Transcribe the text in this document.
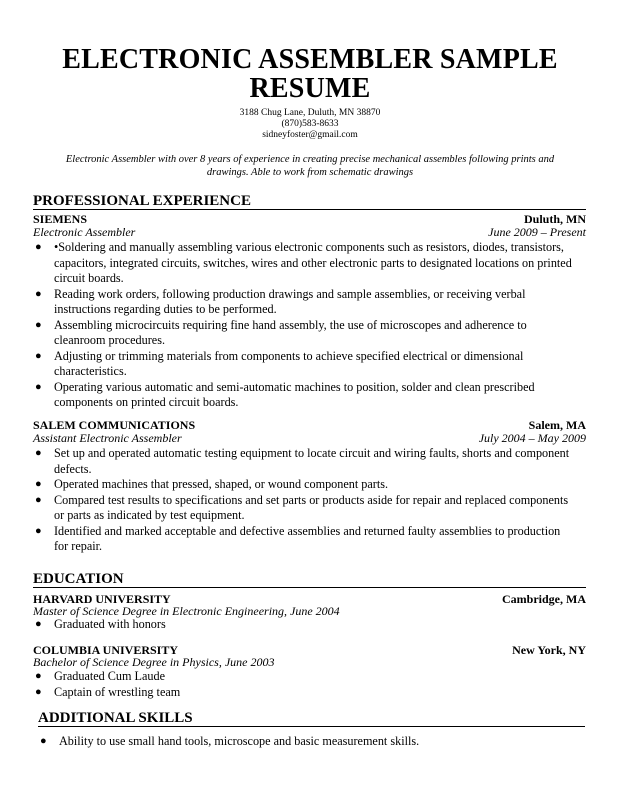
ELECTRONIC ASSEMBLER SAMPLE
RESUME
3188 Chug Lane, Duluth, MN 38870
(870)583-8633
sidneyfoster@gmail.com
Electronic Assembler with over 8 years of experience in creating precise mechanical assembles following prints and drawings. Able to work from schematic drawings
PROFESSIONAL EXPERIENCE
SIEMENS	Duluth, MN
Electronic Assembler	June 2009 – Present
● •Soldering and manually assembling various electronic components such as resistors, diodes, transistors, capacitors, integrated circuits, switches, wires and other electronic parts to designated locations on printed circuit boards.
● Reading work orders, following production drawings and sample assemblies, or receiving verbal instructions regarding duties to be performed.
● Assembling microcircuits requiring fine hand assembly, the use of microscopes and adherence to cleanroom procedures.
● Adjusting or trimming materials from components to achieve specified electrical or dimensional characteristics.
● Operating various automatic and semi-automatic machines to position, solder and clean prescribed components on printed circuit boards.
SALEM COMMUNICATIONS	Salem, MA
Assistant Electronic Assembler	July 2004 – May 2009
● Set up and operated automatic testing equipment to locate circuit and wiring faults, shorts and component defects.
● Operated machines that pressed, shaped, or wound component parts.
● Compared test results to specifications and set parts or products aside for repair and replaced components or parts as indicated by test equipment.
● Identified and marked acceptable and defective assemblies and returned faulty assemblies to production for repair.
EDUCATION
HARVARD UNIVERSITY	Cambridge, MA
Master of Science Degree in Electronic Engineering, June 2004
● Graduated with honors
COLUMBIA UNIVERSITY	New York, NY
Bachelor of Science Degree in Physics, June 2003
● Graduated Cum Laude
● Captain of wrestling team
ADDITIONAL SKILLS
● Ability to use small hand tools, microscope and basic measurement skills.
